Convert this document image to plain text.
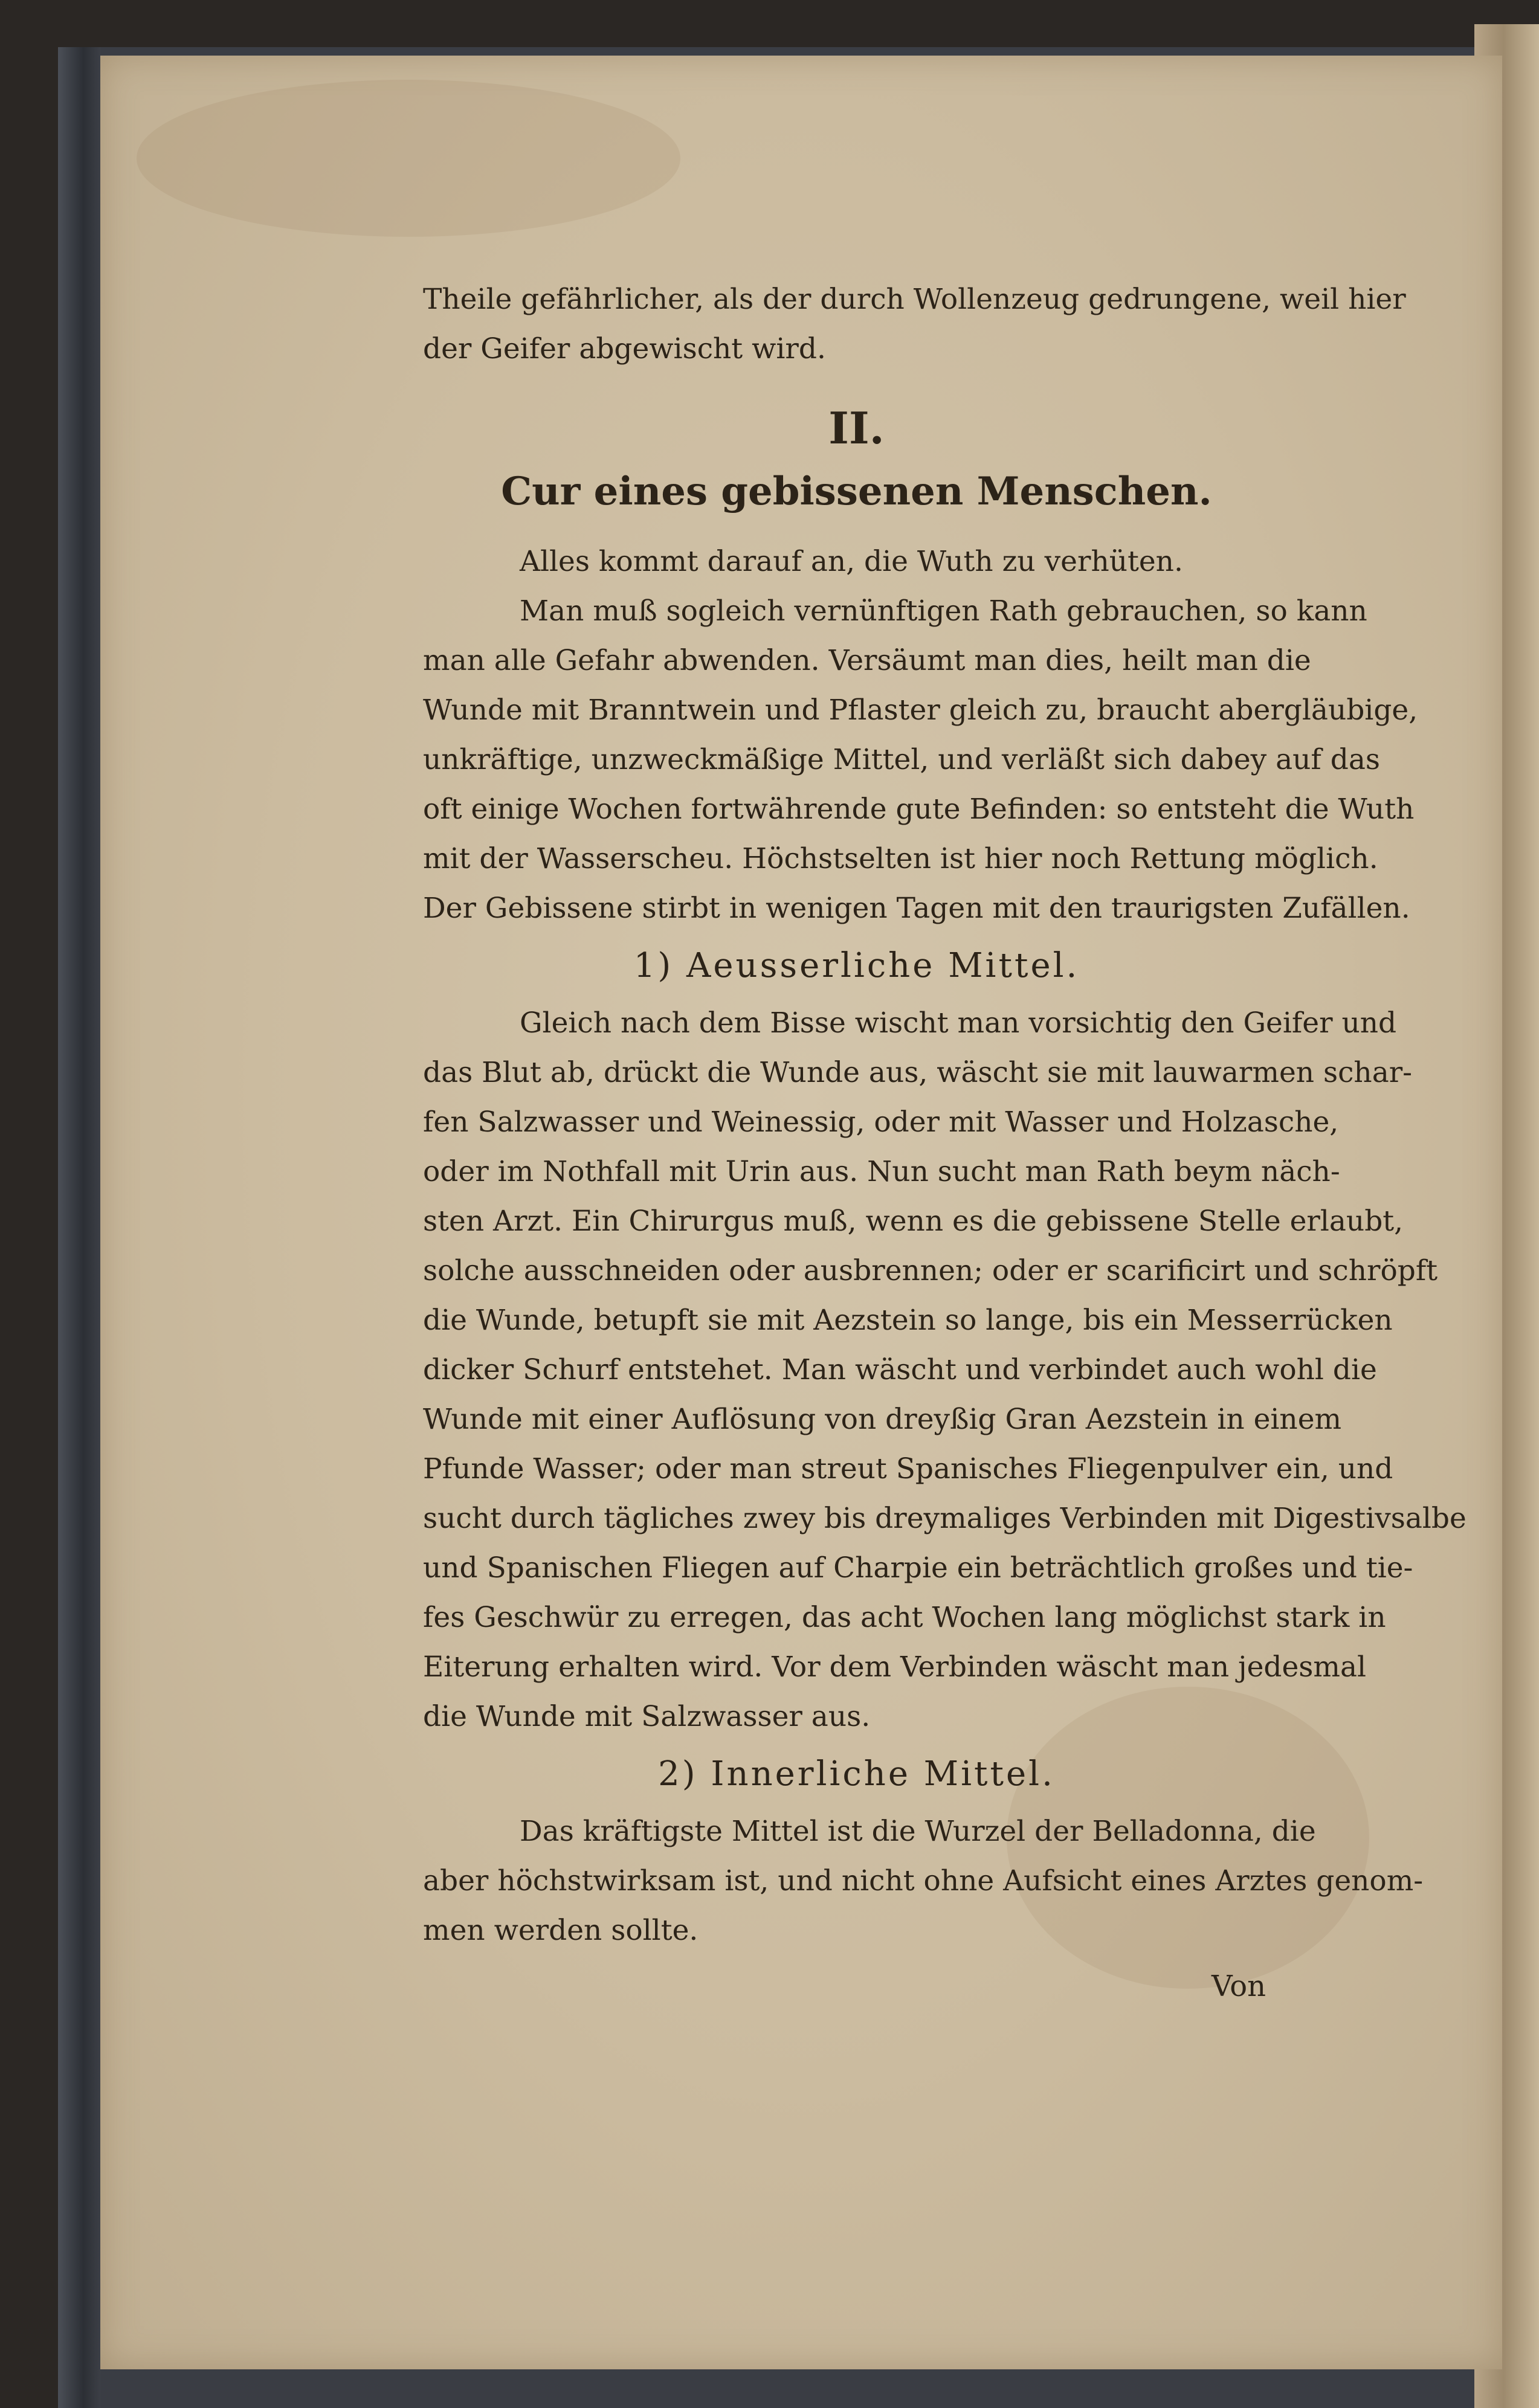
Theile gefährlicher, als der durch Wollenzeug gedrungene, weil hier
der Geifer abgewischt wird.
II.
Cur eines gebissenen Menschen.
Alles kommt darauf an, die Wuth zu verhüten.
Man muß sogleich vernünftigen Rath gebrauchen, so kann
man alle Gefahr abwenden. Versäumt man dies, heilt man die
Wunde mit Branntwein und Pflaster gleich zu, braucht abergläubige,
unkräftige, unzweckmäßige Mittel, und verläßt sich dabey auf das
oft einige Wochen fortwährende gute Befinden: so entsteht die Wuth
mit der Wasserscheu. Höchstselten ist hier noch Rettung möglich.
Der Gebissene stirbt in wenigen Tagen mit den traurigsten Zufällen.
1) Aeusserliche Mittel.
Gleich nach dem Bisse wischt man vorsichtig den Geifer und
das Blut ab, drückt die Wunde aus, wäscht sie mit lauwarmen schar-
fen Salzwasser und Weinessig, oder mit Wasser und Holzasche,
oder im Nothfall mit Urin aus. Nun sucht man Rath beym näch-
sten Arzt. Ein Chirurgus muß, wenn es die gebissene Stelle erlaubt,
solche ausschneiden oder ausbrennen; oder er scarificirt und schröpft
die Wunde, betupft sie mit Aezstein so lange, bis ein Messerrücken
dicker Schurf entstehet. Man wäscht und verbindet auch wohl die
Wunde mit einer Auflösung von dreyßig Gran Aezstein in einem
Pfunde Wasser; oder man streut Spanisches Fliegenpulver ein, und
sucht durch tägliches zwey bis dreymaliges Verbinden mit Digestivsalbe
und Spanischen Fliegen auf Charpie ein beträchtlich großes und tie-
fes Geschwür zu erregen, das acht Wochen lang möglichst stark in
Eiterung erhalten wird. Vor dem Verbinden wäscht man jedesmal
die Wunde mit Salzwasser aus.
2) Innerliche Mittel.
Das kräftigste Mittel ist die Wurzel der Belladonna, die
aber höchstwirksam ist, und nicht ohne Aufsicht eines Arztes genom-
men werden sollte.
Von
